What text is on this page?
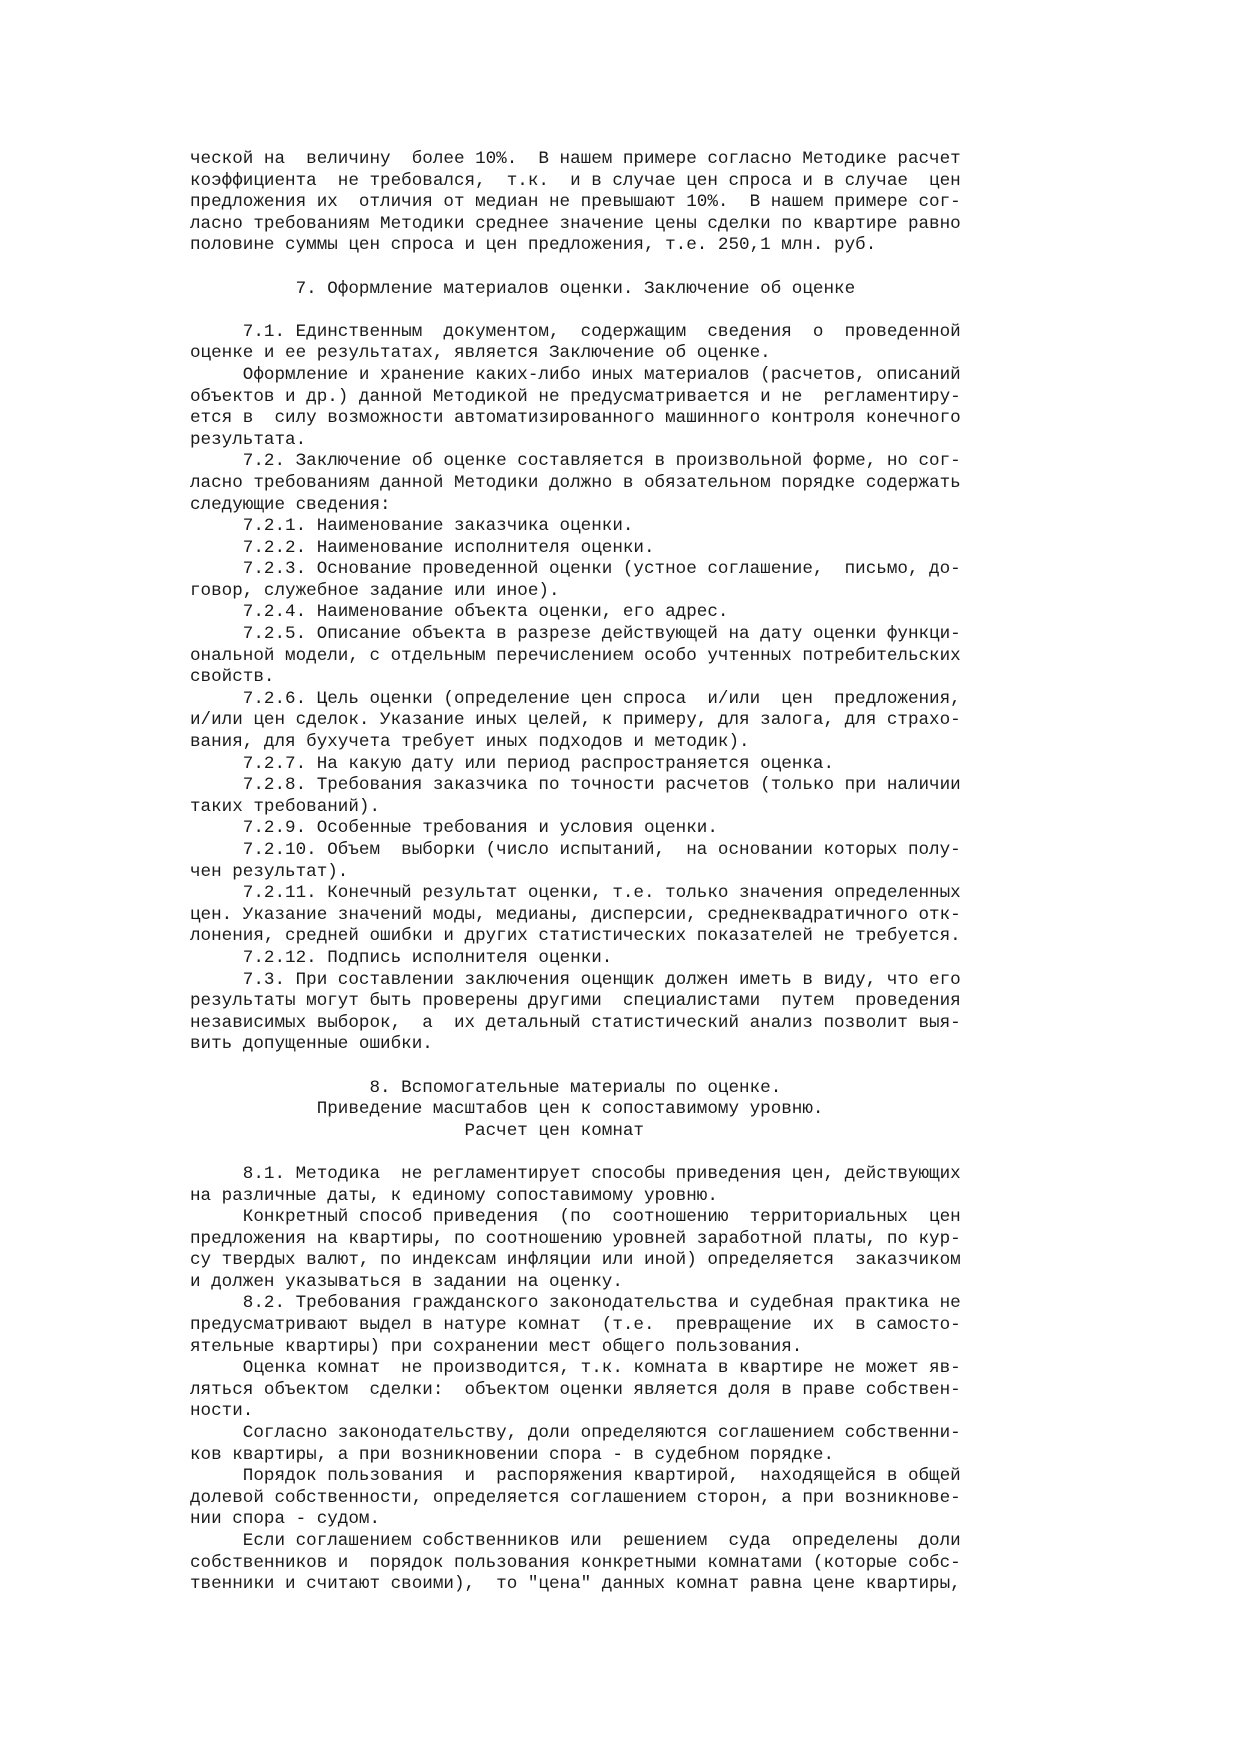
ческой на  величину  более 10%.  В нашем примере согласно Методике расчет
коэффициента  не требовался,  т.к.  и в случае цен спроса и в случае  цен
предложения их  отличия от медиан не превышают 10%.  В нашем примере сог-
ласно требованиям Методики среднее значение цены сделки по квартире равно
половине суммы цен спроса и цен предложения, т.е. 250,1 млн. руб.

7. Оформление материалов оценки. Заключение об оценке

7.1. Единственным  документом,  содержащим  сведения  о  проведенной
оценке и ее результатах, является Заключение об оценке.
Оформление и хранение каких-либо иных материалов (расчетов, описаний
объектов и др.) данной Методикой не предусматривается и не  регламентиру-
ется в  силу возможности автоматизированного машинного контроля конечного
результата.
7.2. Заключение об оценке составляется в произвольной форме, но сог-
ласно требованиям данной Методики должно в обязательном порядке содержать
следующие сведения:
7.2.1. Наименование заказчика оценки.
7.2.2. Наименование исполнителя оценки.
7.2.3. Основание проведенной оценки (устное соглашение,  письмо, до-
говор, служебное задание или иное).
7.2.4. Наименование объекта оценки, его адрес.
7.2.5. Описание объекта в разрезе действующей на дату оценки функци-
ональной модели, с отдельным перечислением особо учтенных потребительских
свойств.
7.2.6. Цель оценки (определение цен спроса  и/или  цен  предложения,
и/или цен сделок. Указание иных целей, к примеру, для залога, для страхо-
вания, для бухучета требует иных подходов и методик).
7.2.7. На какую дату или период распространяется оценка.
7.2.8. Требования заказчика по точности расчетов (только при наличии
таких требований).
7.2.9. Особенные требования и условия оценки.
7.2.10. Объем  выборки (число испытаний,  на основании которых полу-
чен результат).
7.2.11. Конечный результат оценки, т.е. только значения определенных
цен. Указание значений моды, медианы, дисперсии, среднеквадратичного отк-
лонения, средней ошибки и других статистических показателей не требуется.
7.2.12. Подпись исполнителя оценки.
7.3. При составлении заключения оценщик должен иметь в виду, что его
результаты могут быть проверены другими  специалистами  путем  проведения
независимых выборок,  а  их детальный статистический анализ позволит выя-
вить допущенные ошибки.

8. Вспомогательные материалы по оценке.
Приведение масштабов цен к сопоставимому уровню.
Расчет цен комнат

8.1. Методика  не регламентирует способы приведения цен, действующих
на различные даты, к единому сопоставимому уровню.
Конкретный способ приведения  (по  соотношению  территориальных  цен
предложения на квартиры, по соотношению уровней заработной платы, по кур-
су твердых валют, по индексам инфляции или иной) определяется  заказчиком
и должен указываться в задании на оценку.
8.2. Требования гражданского законодательства и судебная практика не
предусматривают выдел в натуре комнат  (т.е.  превращение  их  в самосто-
ятельные квартиры) при сохранении мест общего пользования.
Оценка комнат  не производится, т.к. комната в квартире не может яв-
ляться объектом  сделки:  объектом оценки является доля в праве собствен-
ности.
Согласно законодательству, доли определяются соглашением собственни-
ков квартиры, а при возникновении спора - в судебном порядке.
Порядок пользования  и  распоряжения квартирой,  находящейся в общей
долевой собственности, определяется соглашением сторон, а при возникнове-
нии спора - судом.
Если соглашением собственников или  решением  суда  определены  доли
собственников и  порядок пользования конкретными комнатами (которые собс-
твенники и считают своими),  то "цена" данных комнат равна цене квартиры,
